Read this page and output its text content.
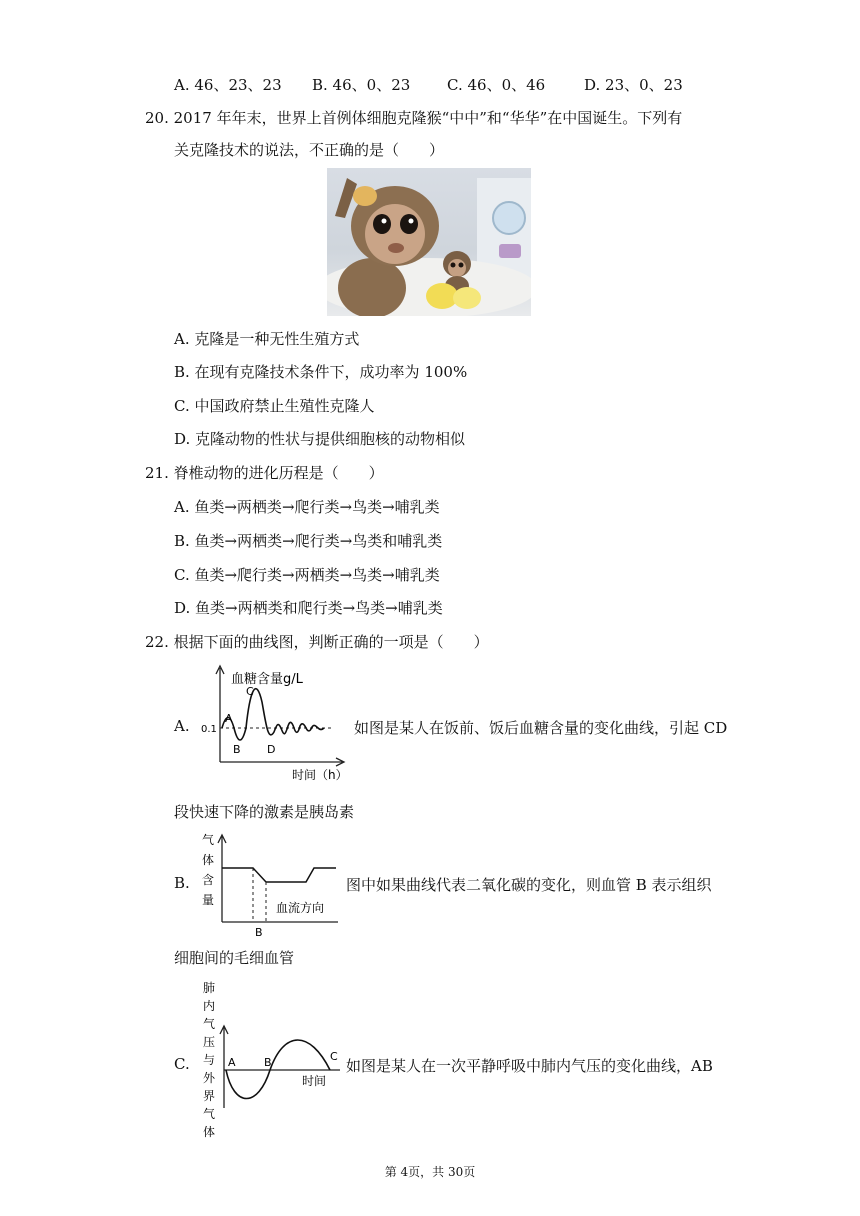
A. 46、23、23 B. 46、0、23 C. 46、0、46	D. 23、0、23
20. 2017 年年末，世界上首例体细胞克隆猴“中中”和“华华”在中国诞生。下列有
关克隆技术的说法，不正确的是（　　）
A. 克隆是一种无性生殖方式
B. 在现有克隆技术条件下，成功率为 100%
C. 中国政府禁止生殖性克隆人
D. 克隆动物的性状与提供细胞核的动物相似
21. 脊椎动物的进化历程是（　　）
A. 鱼类→两栖类→爬行类→鸟类→哺乳类
B. 鱼类→两栖类→爬行类→鸟类和哺乳类
C. 鱼类→爬行类→两栖类→鸟类→哺乳类
D. 鱼类→两栖类和爬行类→鸟类→哺乳类
22. 根据下面的曲线图，判断正确的一项是（　　）
A. 0.1
血糖含量g/L
A
B
C
D
时间（h）
如图是某人在饭前、饭后血糖含量的变化曲线，引起 CD
段快速下降的激素是胰岛素
B.
气
体
含
量
血流方向
B
图中如果曲线代表二氧化碳的变化，则血管 B 表示组织
细胞间的毛细血管
C.
肺
内
气
压
与
外
界
气
体
A	B	C
时间
如图是某人在一次平静呼吸中肺内气压的变化曲线，AB
第 4页，共 30页
